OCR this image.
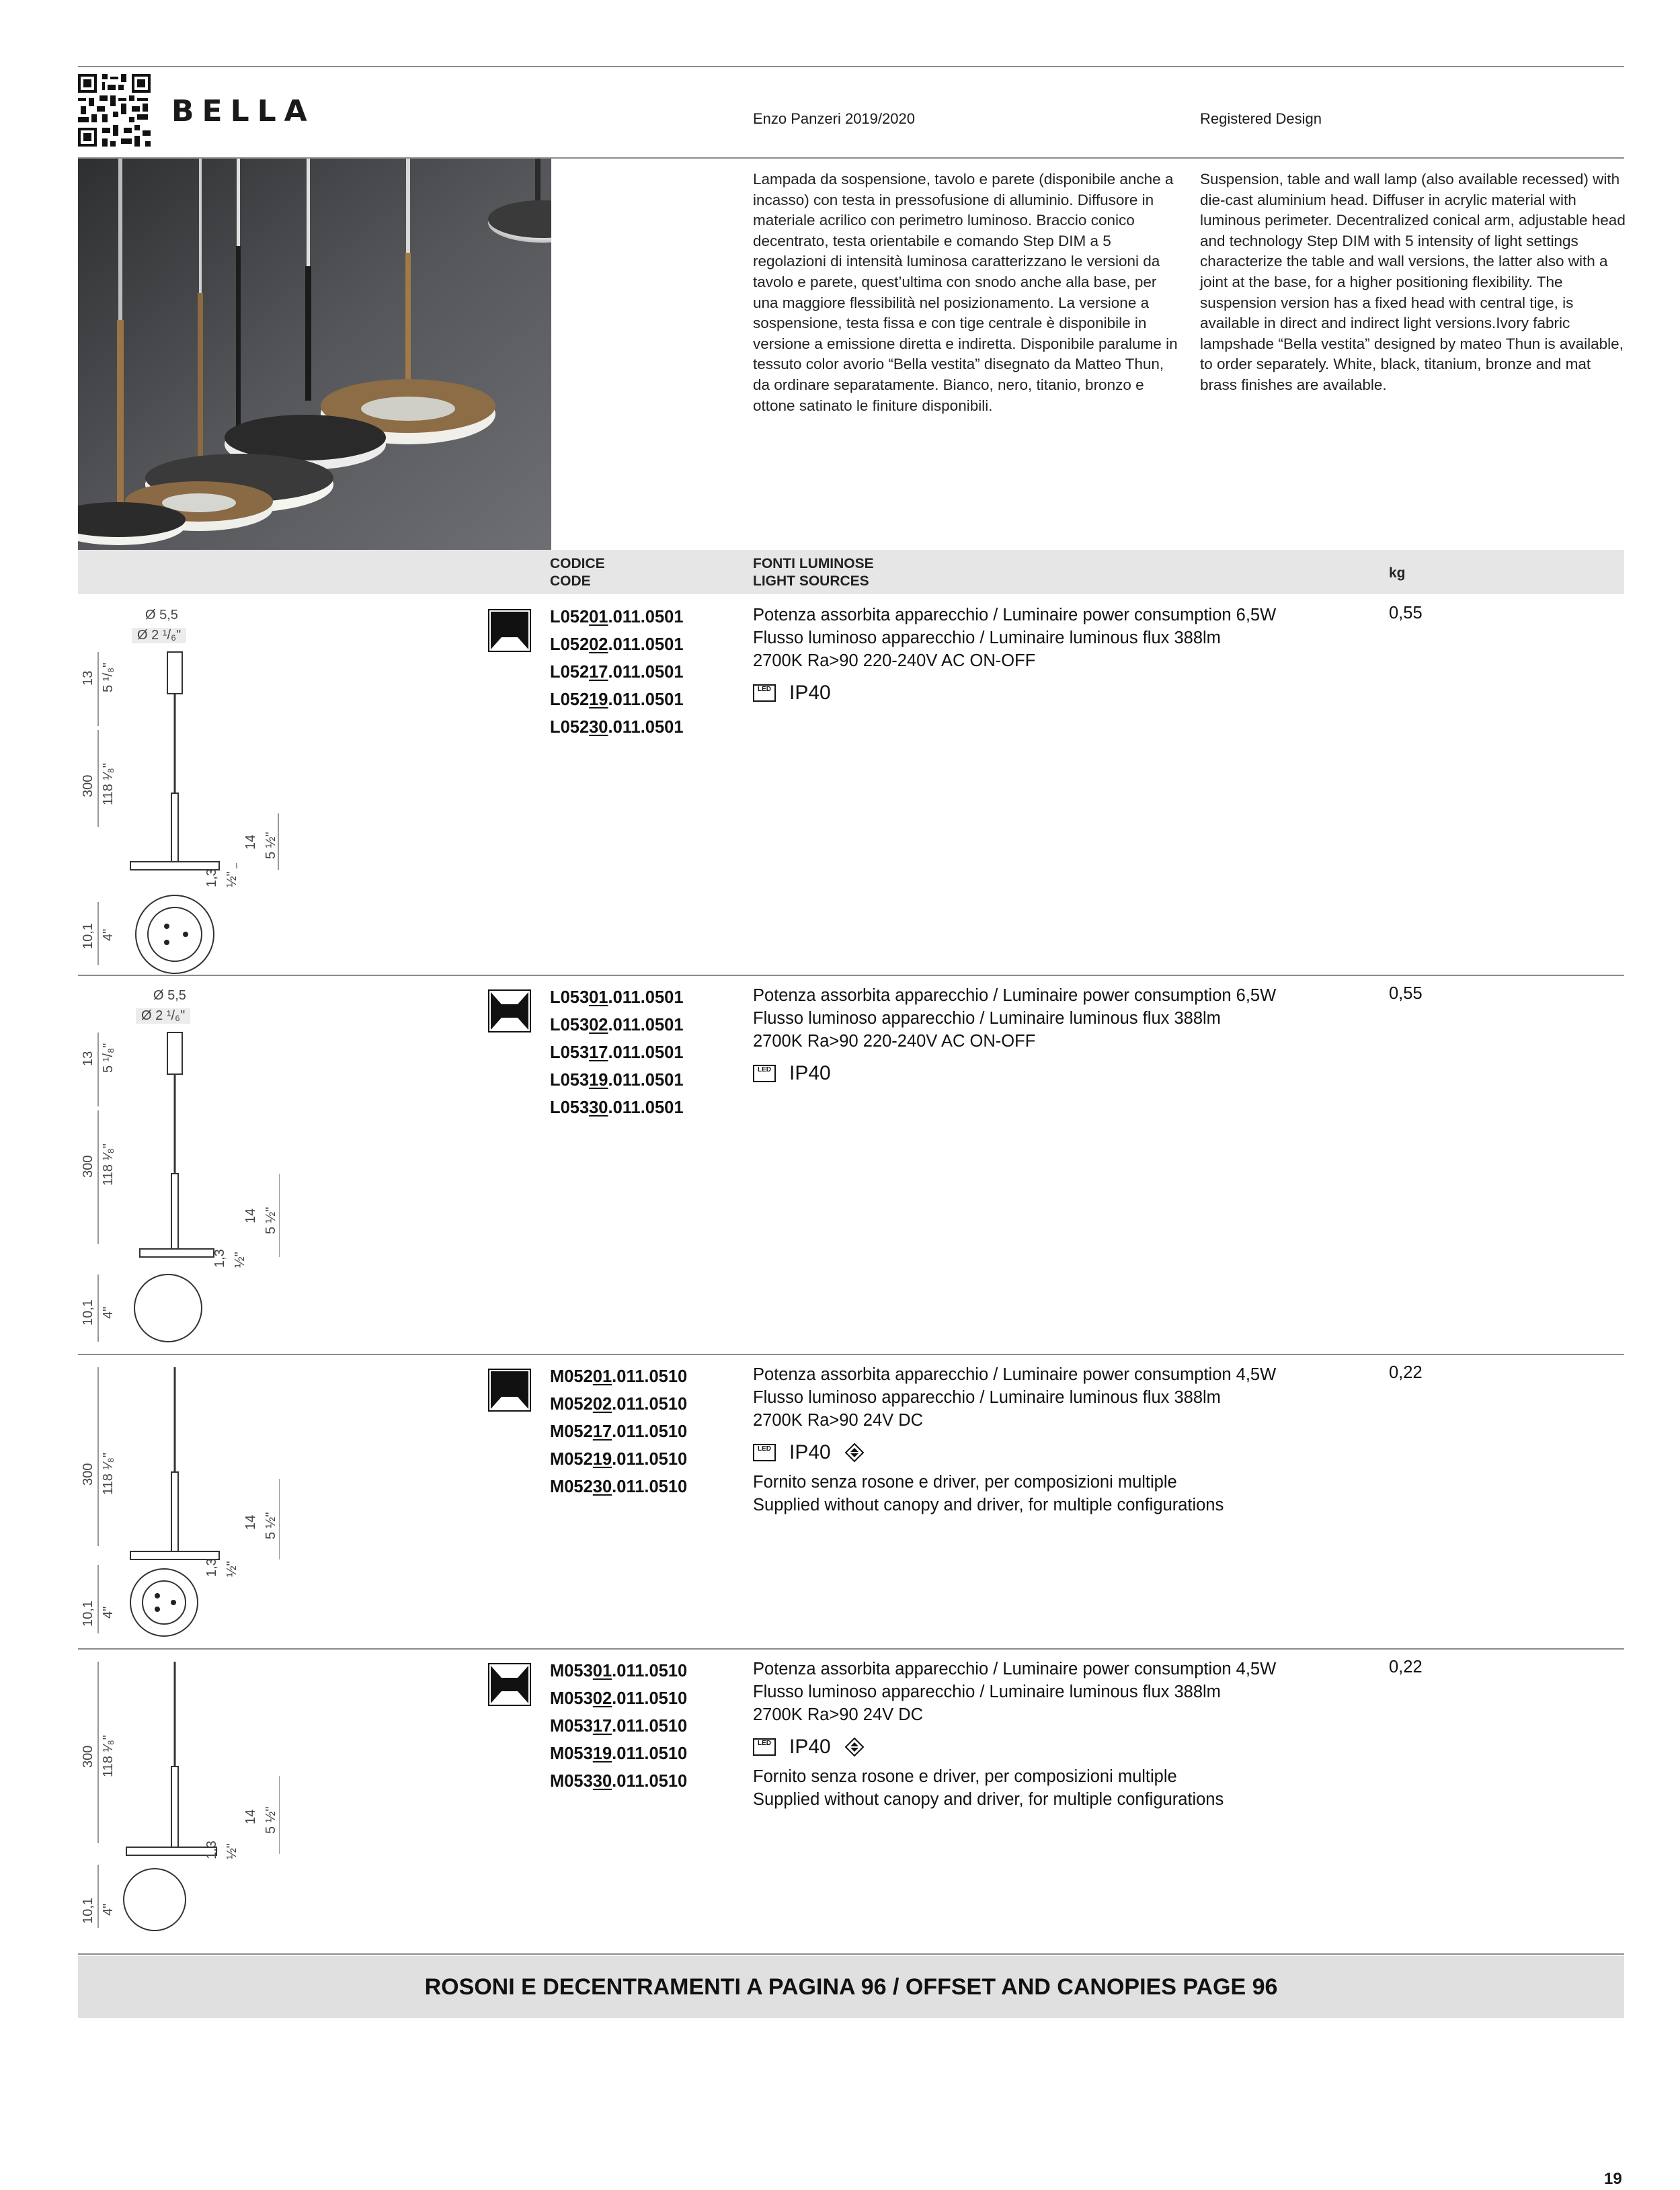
BELLA	Enzo Panzeri 2019/2020	Registered Design
Lampada da sospensione, tavolo e parete (disponibile anche a incasso) con testa in pressofusione di alluminio. Diffusore in materiale acrilico con perimetro luminoso. Braccio conico decentrato, testa orientabile e comando Step DIM a 5 regolazioni di intensità luminosa caratterizzano le versioni da tavolo e parete, quest’ultima con snodo anche alla base, per una maggiore flessibilità nel posizionamento. La versione a sospensione, testa fissa e con tige centrale è disponibile in versione a emissione diretta e indiretta. Disponibile paralume in tessuto color avorio “Bella vestita” disegnato da Matteo Thun, da ordinare separatamente. Bianco, nero, titanio, bronzo e ottone satinato le finiture disponibili.
Suspension, table and wall lamp (also available recessed) with die-cast aluminium head. Diffuser in acrylic material with luminous perimeter. Decentralized conical arm, adjustable head and technology Step DIM with 5 intensity of light settings characterize the table and wall versions, the latter also with a joint at the base, for a higher positioning flexibility. The suspension version has a fixed head with central tige, is available in direct and indirect light versions.Ivory fabric lampshade “Bella vestita” designed by mateo Thun is available, to order separately. White, black, titanium, bronze and mat brass finishes are available.
CODICE
CODE
FONTI LUMINOSE
LIGHT SOURCES
kg
Ø 5,5
Ø 2 ¹/₆"
13 5 ¹/₈"
300 118 ¹⁄₈"
14 5 ½"
1,3 ½"
10,1 4"
L05201.011.0501
L05202.011.0501
L05217.011.0501
L05219.011.0501
L05230.011.0501
Potenza assorbita apparecchio / Luminaire power consumption 6,5W
Flusso luminoso apparecchio / Luminaire luminous flux 388lm
2700K Ra>90 220-240V AC ON-OFF
LED IP40
0,55
Ø 5,5
Ø 2 ¹/₆"
13 5 ¹/₈"
300 118 ¹⁄₈"
14 5 ½"
1,3 ½"
10,1 4"
L05301.011.0501
L05302.011.0501
L05317.011.0501
L05319.011.0501
L05330.011.0501
Potenza assorbita apparecchio / Luminaire power consumption 6,5W
Flusso luminoso apparecchio / Luminaire luminous flux 388lm
2700K Ra>90 220-240V AC ON-OFF
LED IP40
0,55
300 118 ¹⁄₈"
14 5 ½"
1,3 ½"
10,1 4"
M05201.011.0510
M05202.011.0510
M05217.011.0510
M05219.011.0510
M05230.011.0510
Potenza assorbita apparecchio / Luminaire power consumption 4,5W
Flusso luminoso apparecchio / Luminaire luminous flux 388lm
2700K Ra>90 24V DC
LED IP40
Fornito senza rosone e driver, per composizioni multiple
Supplied without canopy and driver, for multiple configurations
0,22
300 118 ¹⁄₈"
14 5 ½"
1,3 ½"
10,1 4"
M05301.011.0510
M05302.011.0510
M05317.011.0510
M05319.011.0510
M05330.011.0510
Potenza assorbita apparecchio / Luminaire power consumption 4,5W
Flusso luminoso apparecchio / Luminaire luminous flux 388lm
2700K Ra>90 24V DC
LED IP40
Fornito senza rosone e driver, per composizioni multiple
Supplied without canopy and driver, for multiple configurations
0,22
ROSONI E DECENTRAMENTI A PAGINA 96 / OFFSET AND CANOPIES PAGE 96
19
